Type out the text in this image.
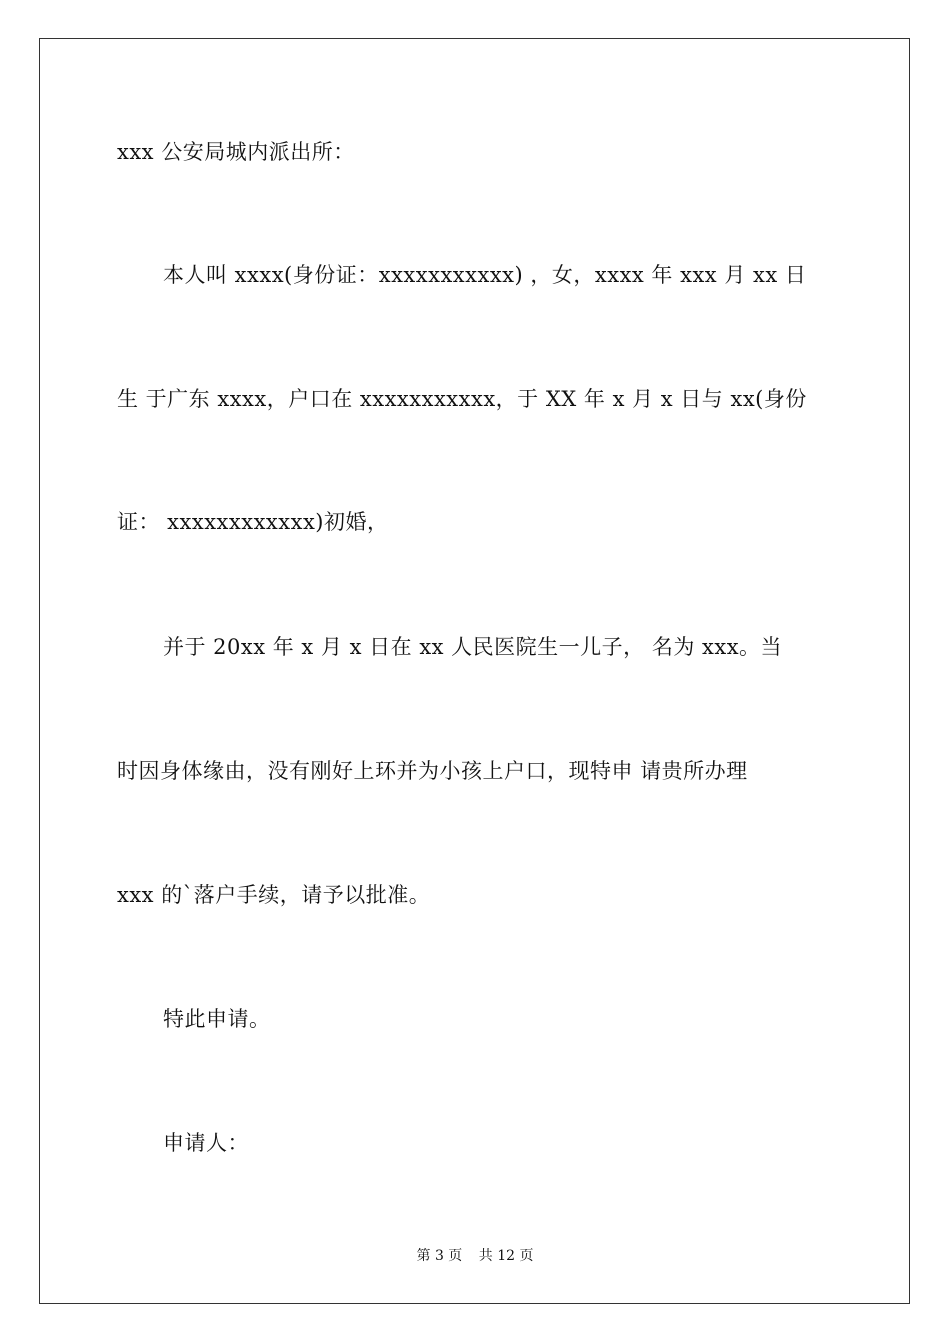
xxx 公安局城内派出所：
本人叫 xxxx(身份证：xxxxxxxxxxx) ，女，xxxx 年 xxx 月 xx 日
生 于广东 xxxx，户口在 xxxxxxxxxxx，于 XX 年 x 月 x 日与 xx(身份
证： xxxxxxxxxxxx)初婚，
并于 20xx 年 x 月 x 日在 xx 人民医院生一儿子， 名为 xxx。当
时因身体缘由，没有刚好上环并为小孩上户口，现特申 请贵所办理
xxx 的`落户手续，请予以批准。
特此申请。
申请人：
第 3 页 共 12 页
